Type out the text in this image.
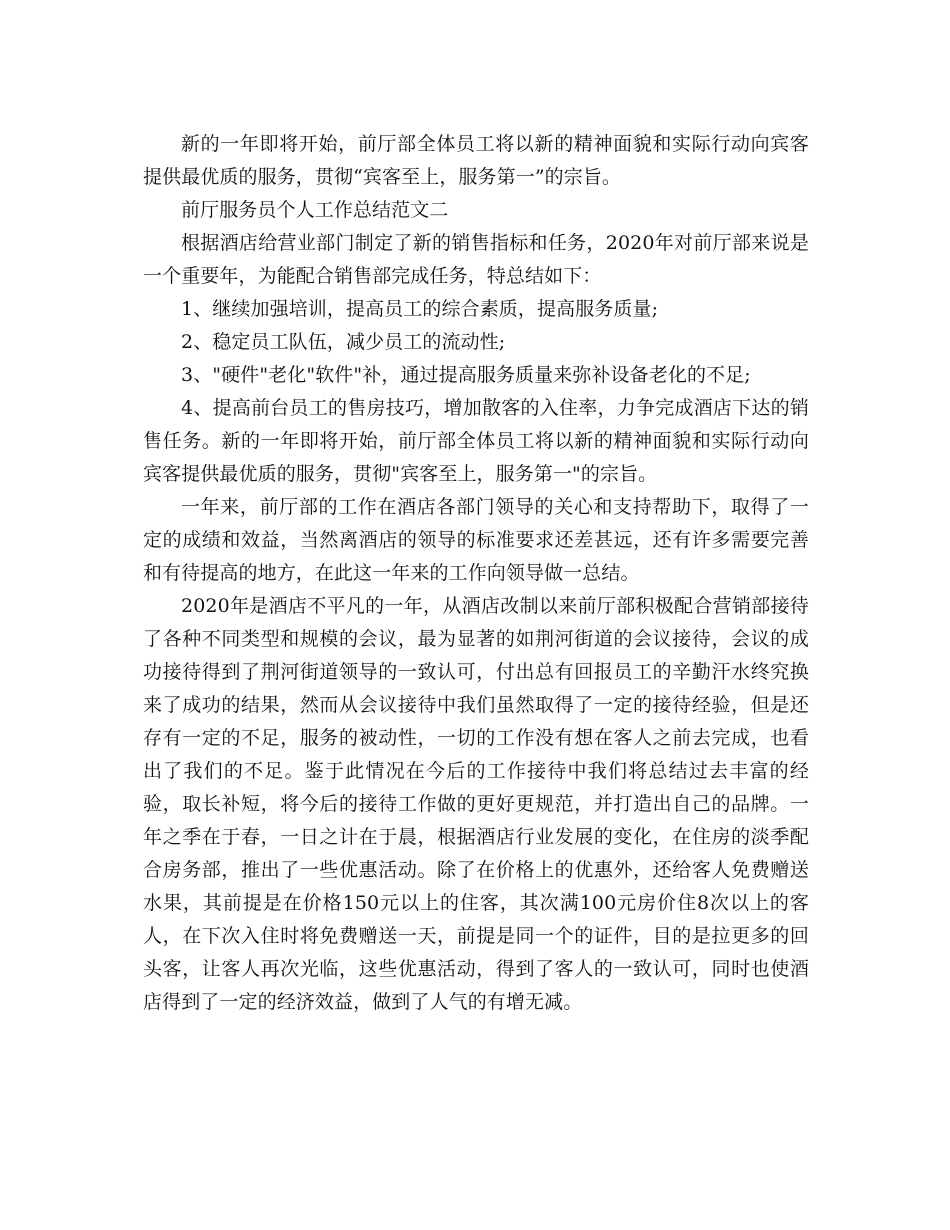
新的一年即将开始，前厅部全体员工将以新的精神面貌和实际行动向宾客提供最优质的服务，贯彻“宾客至上，服务第一”的宗旨。

前厅服务员个人工作总结范文二

根据酒店给营业部门制定了新的销售指标和任务，2020年对前厅部来说是一个重要年，为能配合销售部完成任务，特总结如下：

1、继续加强培训，提高员工的综合素质，提高服务质量;

2、稳定员工队伍，减少员工的流动性;

3、"硬件"老化"软件"补，通过提高服务质量来弥补设备老化的不足;

4、提高前台员工的售房技巧，增加散客的入住率，力争完成酒店下达的销售任务。新的一年即将开始，前厅部全体员工将以新的精神面貌和实际行动向宾客提供最优质的服务，贯彻"宾客至上，服务第一"的宗旨。

一年来，前厅部的工作在酒店各部门领导的关心和支持帮助下，取得了一定的成绩和效益，当然离酒店的领导的标准要求还差甚远，还有许多需要完善和有待提高的地方，在此这一年来的工作向领导做一总结。

2020年是酒店不平凡的一年，从酒店改制以来前厅部积极配合营销部接待了各种不同类型和规模的会议，最为显著的如荆河街道的会议接待，会议的成功接待得到了荆河街道领导的一致认可，付出总有回报员工的辛勤汗水终究换来了成功的结果，然而从会议接待中我们虽然取得了一定的接待经验，但是还存有一定的不足，服务的被动性，一切的工作没有想在客人之前去完成，也看出了我们的不足。鉴于此情况在今后的工作接待中我们将总结过去丰富的经验，取长补短，将今后的接待工作做的更好更规范，并打造出自己的品牌。一年之季在于春，一日之计在于晨，根据酒店行业发展的变化，在住房的淡季配合房务部，推出了一些优惠活动。除了在价格上的优惠外，还给客人免费赠送水果，其前提是在价格150元以上的住客，其次满100元房价住8次以上的客人，在下次入住时将免费赠送一天，前提是同一个的证件，目的是拉更多的回头客，让客人再次光临，这些优惠活动，得到了客人的一致认可，同时也使酒店得到了一定的经济效益，做到了人气的有增无减。
